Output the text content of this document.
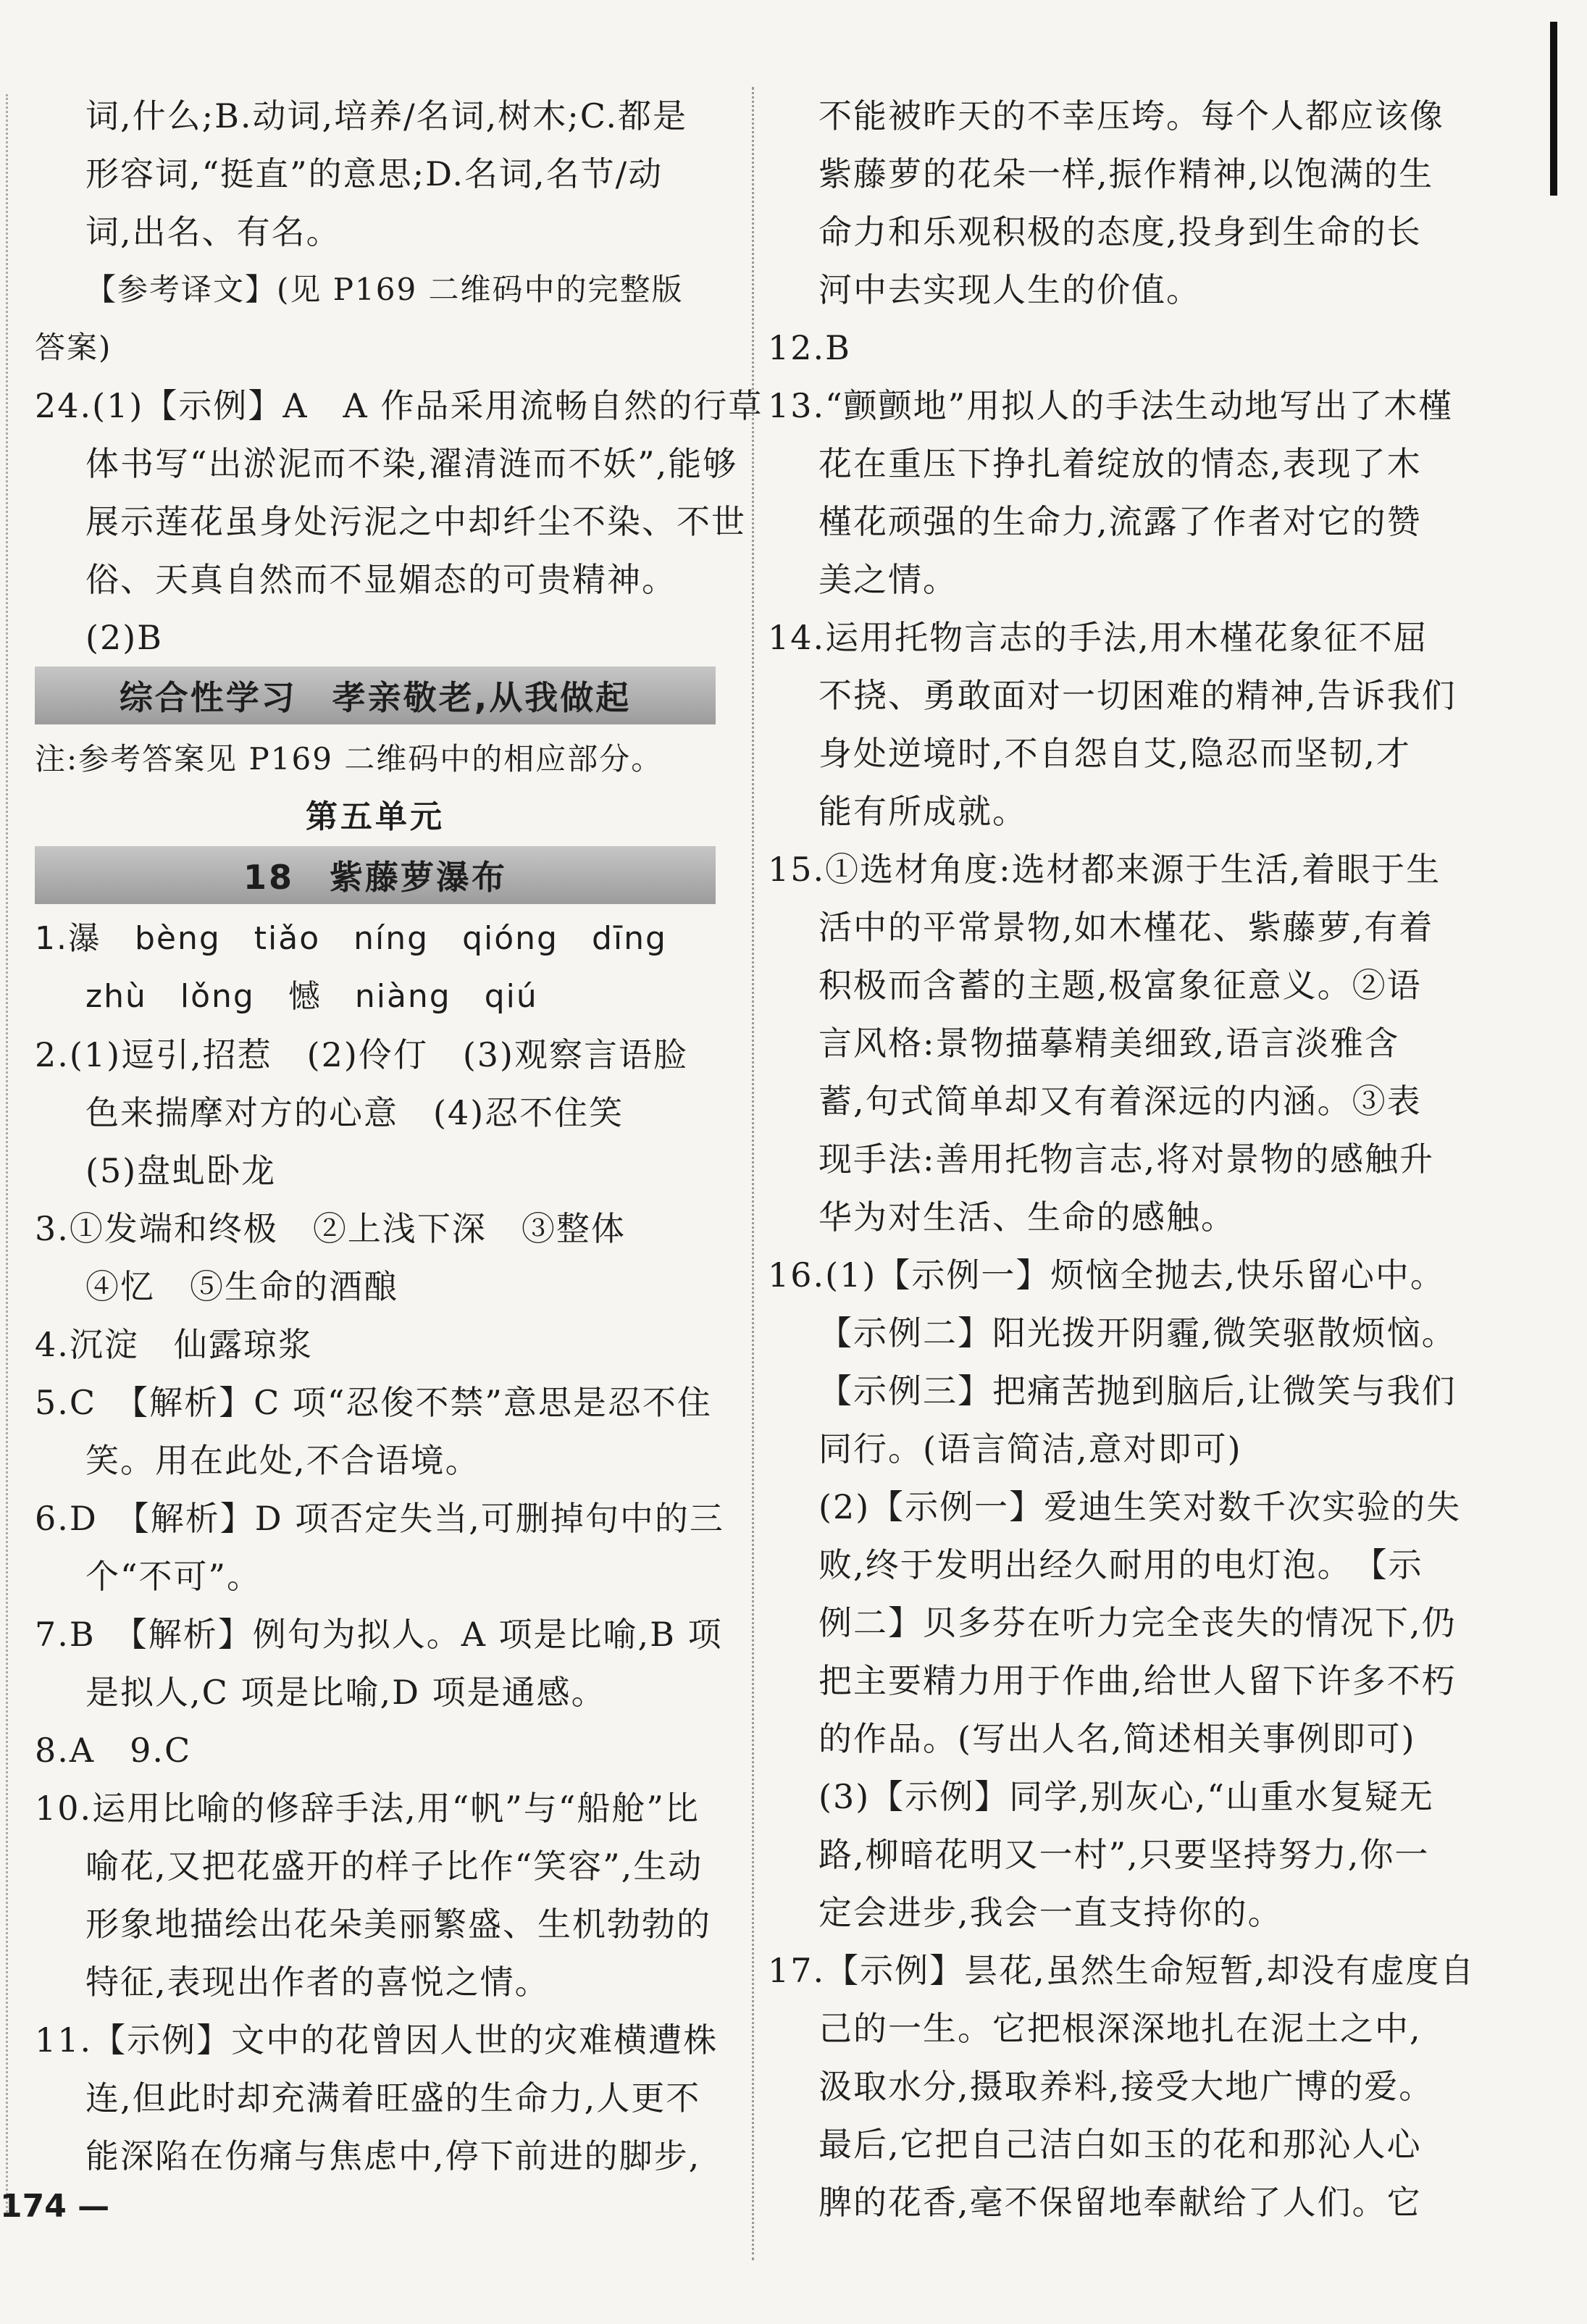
词,什么;B.动词,培养/名词,树木;C.都是
形容词,“挺直”的意思;D.名词,名节/动
词,出名、有名。
【参考译文】(见 P169 二维码中的完整版
答案)
24.(1)【示例】A　A 作品采用流畅自然的行草
体书写“出淤泥而不染,濯清涟而不妖”,能够
展示莲花虽身处污泥之中却纤尘不染、不世
俗、天真自然而不显媚态的可贵精神。
(2)B
综合性学习　孝亲敬老,从我做起
注:参考答案见 P169 二维码中的相应部分。
第五单元
18　紫藤萝瀑布
1.瀑　bèng　tiǎo　níng　qióng　dīng
zhù　lǒng　憾　niàng　qiú
2.(1)逗引,招惹　(2)伶仃　(3)观察言语脸
色来揣摩对方的心意　(4)忍不住笑
(5)盘虬卧龙
3.①发端和终极　②上浅下深　③整体
④忆　⑤生命的酒酿
4.沉淀　仙露琼浆
5.C　【解析】C 项“忍俊不禁”意思是忍不住
笑。用在此处,不合语境。
6.D　【解析】D 项否定失当,可删掉句中的三
个“不可”。
7.B　【解析】例句为拟人。A 项是比喻,B 项
是拟人,C 项是比喻,D 项是通感。
8.A　9.C
10.运用比喻的修辞手法,用“帆”与“船舱”比
喻花,又把花盛开的样子比作“笑容”,生动
形象地描绘出花朵美丽繁盛、生机勃勃的
特征,表现出作者的喜悦之情。
11.【示例】文中的花曾因人世的灾难横遭株
连,但此时却充满着旺盛的生命力,人更不
能深陷在伤痛与焦虑中,停下前进的脚步,
不能被昨天的不幸压垮。每个人都应该像
紫藤萝的花朵一样,振作精神,以饱满的生
命力和乐观积极的态度,投身到生命的长
河中去实现人生的价值。
12.B
13.“颤颤地”用拟人的手法生动地写出了木槿
花在重压下挣扎着绽放的情态,表现了木
槿花顽强的生命力,流露了作者对它的赞
美之情。
14.运用托物言志的手法,用木槿花象征不屈
不挠、勇敢面对一切困难的精神,告诉我们
身处逆境时,不自怨自艾,隐忍而坚韧,才
能有所成就。
15.①选材角度:选材都来源于生活,着眼于生
活中的平常景物,如木槿花、紫藤萝,有着
积极而含蓄的主题,极富象征意义。②语
言风格:景物描摹精美细致,语言淡雅含
蓄,句式简单却又有着深远的内涵。③表
现手法:善用托物言志,将对景物的感触升
华为对生活、生命的感触。
16.(1)【示例一】烦恼全抛去,快乐留心中。
【示例二】阳光拨开阴霾,微笑驱散烦恼。
【示例三】把痛苦抛到脑后,让微笑与我们
同行。(语言简洁,意对即可)
(2)【示例一】爱迪生笑对数千次实验的失
败,终于发明出经久耐用的电灯泡。　【示
例二】贝多芬在听力完全丧失的情况下,仍
把主要精力用于作曲,给世人留下许多不朽
的作品。(写出人名,简述相关事例即可)
(3)【示例】同学,别灰心,“山重水复疑无
路,柳暗花明又一村”,只要坚持努力,你一
定会进步,我会一直支持你的。
17.【示例】昙花,虽然生命短暂,却没有虚度自
己的一生。它把根深深地扎在泥土之中,
汲取水分,摄取养料,接受大地广博的爱。
最后,它把自己洁白如玉的花和那沁人心
脾的花香,毫不保留地奉献给了人们。它
174 —
